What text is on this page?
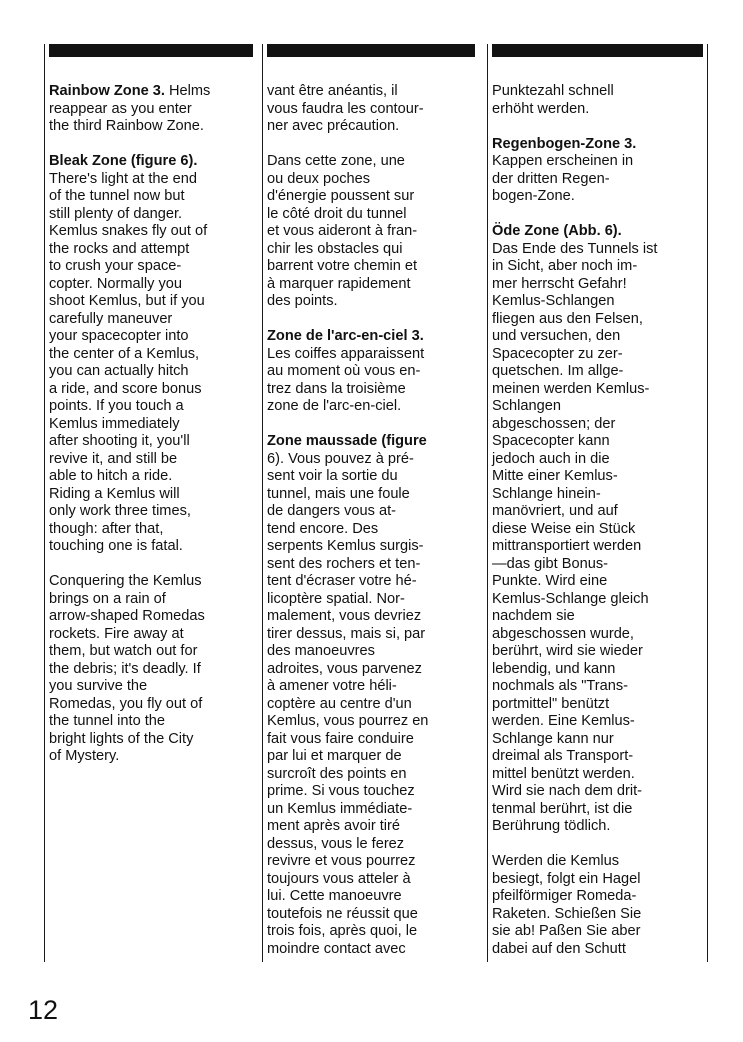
Rainbow Zone 3. Helms
reappear as you enter
the third Rainbow Zone.

Bleak Zone (figure 6).
There's light at the end
of the tunnel now but
still plenty of danger.
Kemlus snakes fly out of
the rocks and attempt
to crush your space-
copter. Normally you
shoot Kemlus, but if you
carefully maneuver
your spacecopter into
the center of a Kemlus,
you can actually hitch
a ride, and score bonus
points. If you touch a
Kemlus immediately
after shooting it, you'll
revive it, and still be
able to hitch a ride.
Riding a Kemlus will
only work three times,
though: after that,
touching one is fatal.

Conquering the Kemlus
brings on a rain of
arrow-shaped Romedas
rockets. Fire away at
them, but watch out for
the debris; it's deadly. If
you survive the
Romedas, you fly out of
the tunnel into the
bright lights of the City
of Mystery.

vant être anéantis, il
vous faudra les contour-
ner avec précaution.

Dans cette zone, une
ou deux poches
d'énergie poussent sur
le côté droit du tunnel
et vous aideront à fran-
chir les obstacles qui
barrent votre chemin et
à marquer rapidement
des points.

Zone de l'arc-en-ciel 3.
Les coiffes apparaissent
au moment où vous en-
trez dans la troisième
zone de l'arc-en-ciel.

Zone maussade (figure
6). Vous pouvez à pré-
sent voir la sortie du
tunnel, mais une foule
de dangers vous at-
tend encore. Des
serpents Kemlus surgis-
sent des rochers et ten-
tent d'écraser votre hé-
licoptère spatial. Nor-
malement, vous devriez
tirer dessus, mais si, par
des manoeuvres
adroites, vous parvenez
à amener votre héli-
coptère au centre d'un
Kemlus, vous pourrez en
fait vous faire conduire
par lui et marquer de
surcroît des points en
prime. Si vous touchez
un Kemlus immédiate-
ment après avoir tiré
dessus, vous le ferez
revivre et vous pourrez
toujours vous atteler à
lui. Cette manoeuvre
toutefois ne réussit que
trois fois, après quoi, le
moindre contact avec

Punktezahl schnell
erhöht werden.

Regenbogen-Zone 3.
Kappen erscheinen in
der dritten Regen-
bogen-Zone.

Öde Zone (Abb. 6).
Das Ende des Tunnels ist
in Sicht, aber noch im-
mer herrscht Gefahr!
Kemlus-Schlangen
fliegen aus den Felsen,
und versuchen, den
Spacecopter zu zer-
quetschen. Im allge-
meinen werden Kemlus-
Schlangen
abgeschossen; der
Spacecopter kann
jedoch auch in die
Mitte einer Kemlus-
Schlange hinein-
manövriert, und auf
diese Weise ein Stück
mittransportiert werden
—das gibt Bonus-
Punkte. Wird eine
Kemlus-Schlange gleich
nachdem sie
abgeschossen wurde,
berührt, wird sie wieder
lebendig, und kann
nochmals als "Trans-
portmittel" benützt
werden. Eine Kemlus-
Schlange kann nur
dreimal als Transport-
mittel benützt werden.
Wird sie nach dem drit-
tenmal berührt, ist die
Berührung tödlich.

Werden die Kemlus
besiegt, folgt ein Hagel
pfeilförmiger Romeda-
Raketen. Schießen Sie
sie ab! Paßen Sie aber
dabei auf den Schutt

12
